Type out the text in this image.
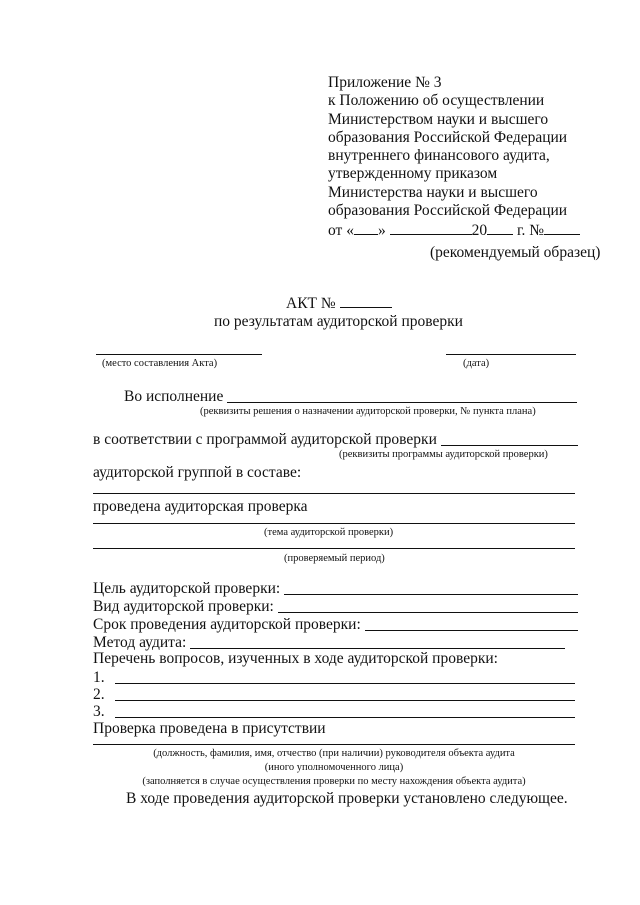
Приложение № 3
к Положению об осуществлении
Министерством науки и высшего
образования Российской Федерации
внутреннего финансового аудита,
утвержденному приказом
Министерства науки и высшего
образования Российской Федерации
от « »	20 г. №
(рекомендуемый образец)
АКТ №
по результатам аудиторской проверки
(место составления Акта)	(дата)
Во исполнение
(реквизиты решения о назначении аудиторской проверки, № пункта плана)
в соответствии с программой аудиторской проверки
(реквизиты программы аудиторской проверки)
аудиторской группой в составе:
проведена аудиторская проверка
(тема аудиторской проверки)
(проверяемый период)
Цель аудиторской проверки:
Вид аудиторской проверки:
Срок проведения аудиторской проверки:
Метод аудита:
Перечень вопросов, изученных в ходе аудиторской проверки:
1.
2.
3.
Проверка проведена в присутствии
(должность, фамилия, имя, отчество (при наличии) руководителя объекта аудита
(иного уполномоченного лица)
(заполняется в случае осуществления проверки по месту нахождения объекта аудита)
В ходе проведения аудиторской проверки установлено следующее.
